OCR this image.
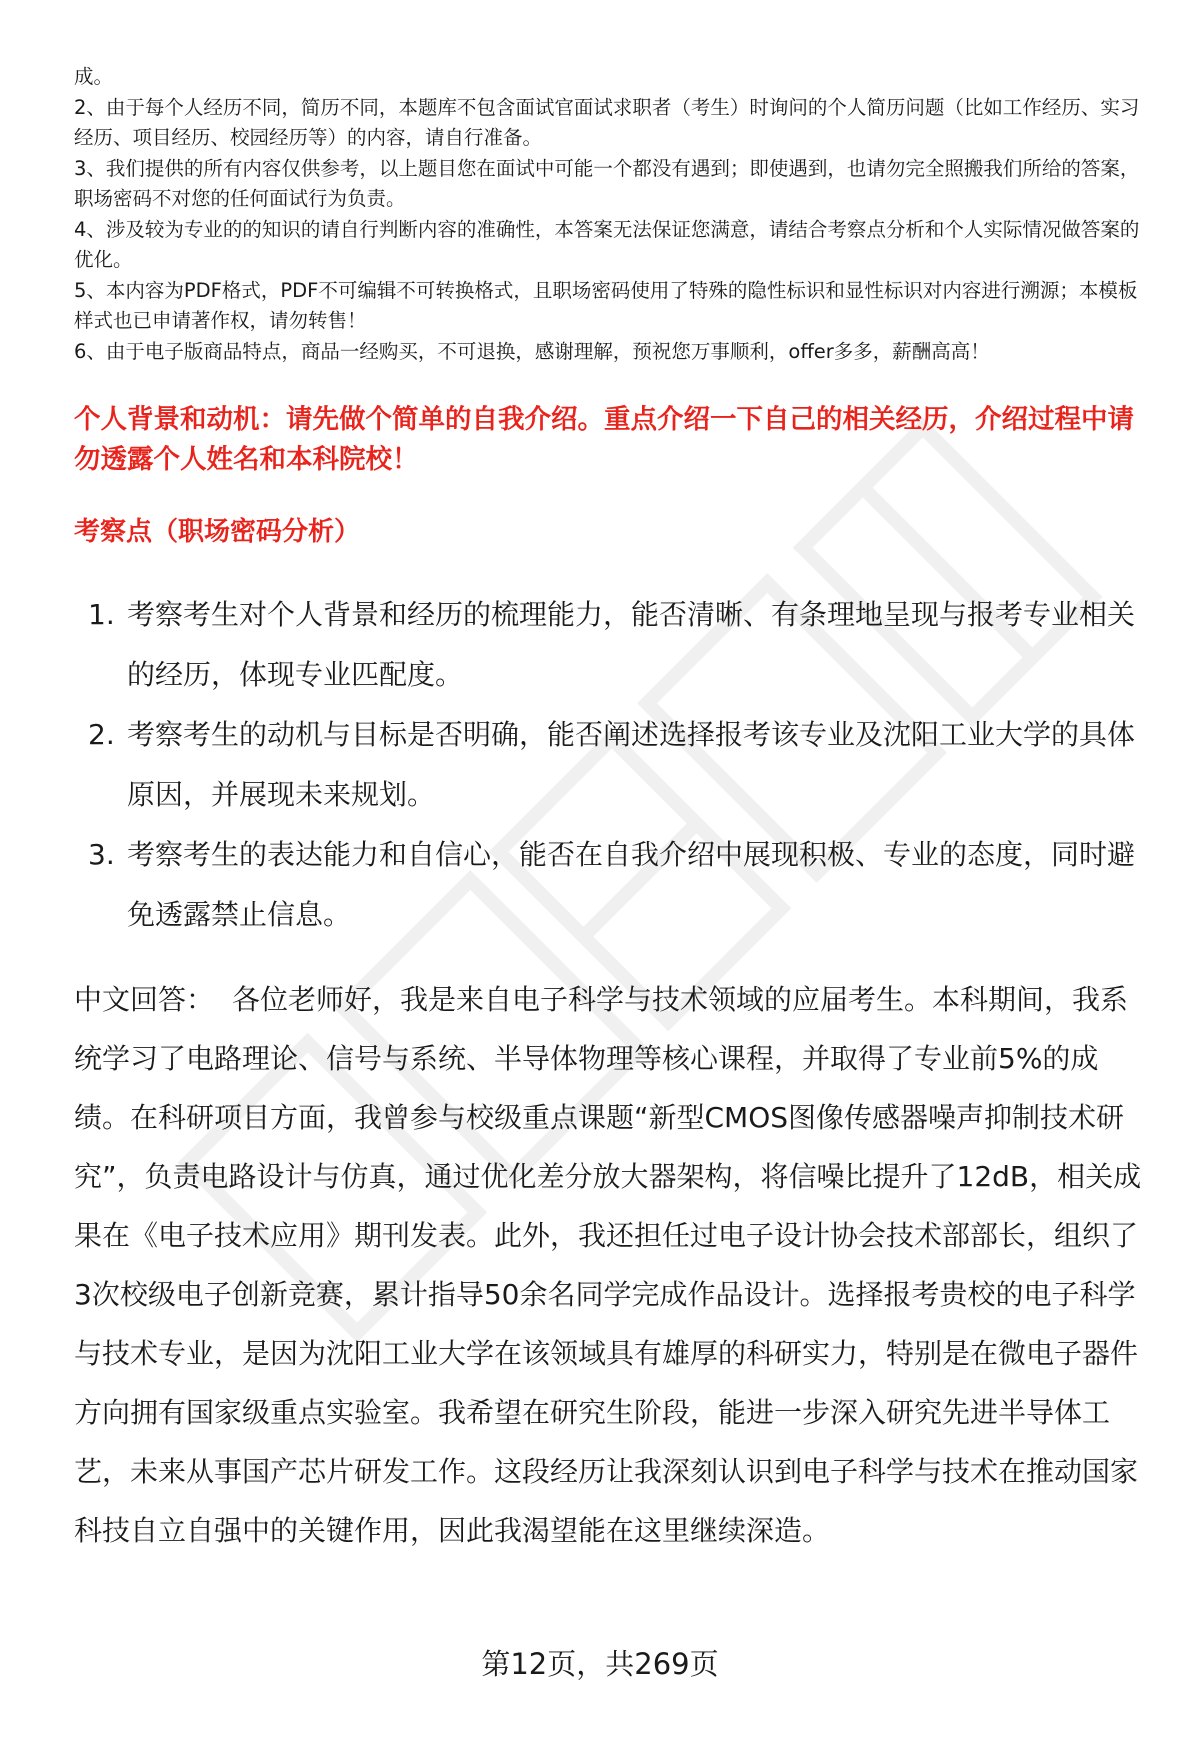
成。

2、由于每个人经历不同，简历不同，本题库不包含面试官面试求职者（考生）时询问的个人简历问题（比如工作经历、实习经历、项目经历、校园经历等）的内容，请自行准备。

3、我们提供的所有内容仅供参考，以上题目您在面试中可能一个都没有遇到；即使遇到，也请勿完全照搬我们所给的答案，职场密码不对您的任何面试行为负责。

4、涉及较为专业的的知识的请自行判断内容的准确性，本答案无法保证您满意，请结合考察点分析和个人实际情况做答案的优化。

5、本内容为PDF格式，PDF不可编辑不可转换格式，且职场密码使用了特殊的隐性标识和显性标识对内容进行溯源；本模板样式也已申请著作权，请勿转售！

6、由于电子版商品特点，商品一经购买，不可退换，感谢理解，预祝您万事顺利，offer多多，薪酬高高！

个人背景和动机：请先做个简单的自我介绍。重点介绍一下自己的相关经历，介绍过程中请勿透露个人姓名和本科院校！
考察点（职场密码分析）
1. 考察考生对个人背景和经历的梳理能力，能否清晰、有条理地呈现与报考专业相关的经历，体现专业匹配度。
2. 考察考生的动机与目标是否明确，能否阐述选择报考该专业及沈阳工业大学的具体原因，并展现未来规划。
3. 考察考生的表达能力和自信心，能否在自我介绍中展现积极、专业的态度，同时避免透露禁止信息。

中文回答： 各位老师好，我是来自电子科学与技术领域的应届考生。本科期间，我系统学习了电路理论、信号与系统、半导体物理等核心课程，并取得了专业前5%的成绩。在科研项目方面，我曾参与校级重点课题“新型CMOS图像传感器噪声抑制技术研究”，负责电路设计与仿真，通过优化差分放大器架构，将信噪比提升了12dB，相关成果在《电子技术应用》期刊发表。此外，我还担任过电子设计协会技术部部长，组织了3次校级电子创新竞赛，累计指导50余名同学完成作品设计。选择报考贵校的电子科学与技术专业，是因为沈阳工业大学在该领域具有雄厚的科研实力，特别是在微电子器件方向拥有国家级重点实验室。我希望在研究生阶段，能进一步深入研究先进半导体工艺，未来从事国产芯片研发工作。这段经历让我深刻认识到电子科学与技术在推动国家科技自立自强中的关键作用，因此我渴望能在这里继续深造。

第12页，共269页
